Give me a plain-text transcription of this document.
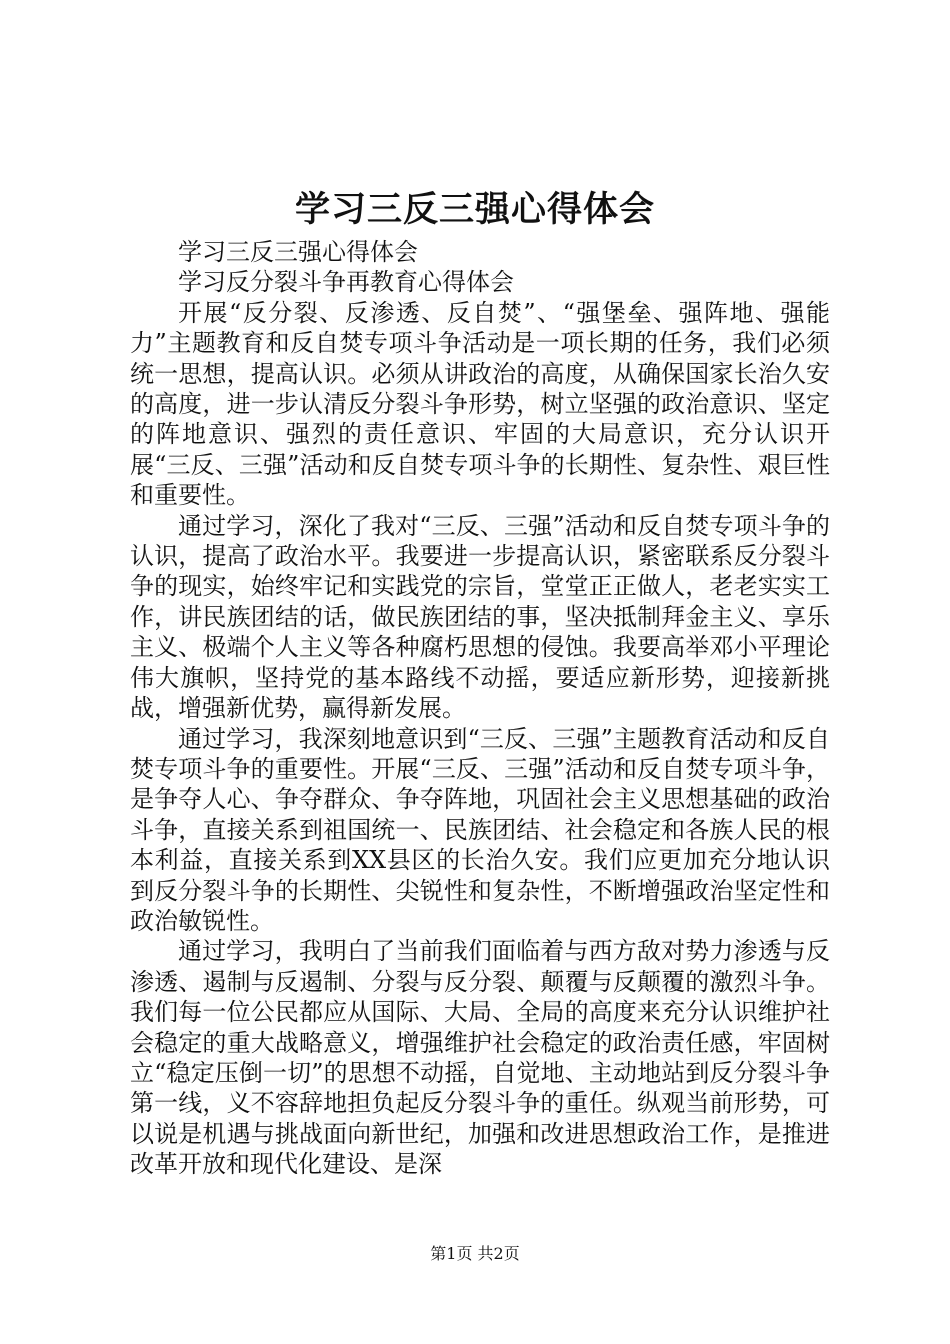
学习三反三强心得体会

学习三反三强心得体会

学习反分裂斗争再教育心得体会

开展“反分裂、反渗透、反自焚”、“强堡垒、强阵地、强能力”主题教育和反自焚专项斗争活动是一项长期的任务，我们必须统一思想，提高认识。必须从讲政治的高度，从确保国家长治久安的高度，进一步认清反分裂斗争形势，树立坚强的政治意识、坚定的阵地意识、强烈的责任意识、牢固的大局意识，充分认识开展“三反、三强”活动和反自焚专项斗争的长期性、复杂性、艰巨性和重要性。

通过学习，深化了我对“三反、三强”活动和反自焚专项斗争的认识，提高了政治水平。我要进一步提高认识，紧密联系反分裂斗争的现实，始终牢记和实践党的宗旨，堂堂正正做人，老老实实工作，讲民族团结的话，做民族团结的事，坚决抵制拜金主义、享乐主义、极端个人主义等各种腐朽思想的侵蚀。我要高举邓小平理论伟大旗帜，坚持党的基本路线不动摇，要适应新形势，迎接新挑战，增强新优势，赢得新发展。

通过学习，我深刻地意识到“三反、三强”主题教育活动和反自焚专项斗争的重要性。开展“三反、三强”活动和反自焚专项斗争，是争夺人心、争夺群众、争夺阵地，巩固社会主义思想基础的政治斗争，直接关系到祖国统一、民族团结、社会稳定和各族人民的根本利益，直接关系到XX县区的长治久安。我们应更加充分地认识到反分裂斗争的长期性、尖锐性和复杂性，不断增强政治坚定性和政治敏锐性。

通过学习，我明白了当前我们面临着与西方敌对势力渗透与反渗透、遏制与反遏制、分裂与反分裂、颠覆与反颠覆的激烈斗争。我们每一位公民都应从国际、大局、全局的高度来充分认识维护社会稳定的重大战略意义，增强维护社会稳定的政治责任感，牢固树立“稳定压倒一切”的思想不动摇，自觉地、主动地站到反分裂斗争第一线，义不容辞地担负起反分裂斗争的重任。纵观当前形势，可以说是机遇与挑战面向新世纪，加强和改进思想政治工作，是推进改革开放和现代化建设、是深

第1页 共2页
